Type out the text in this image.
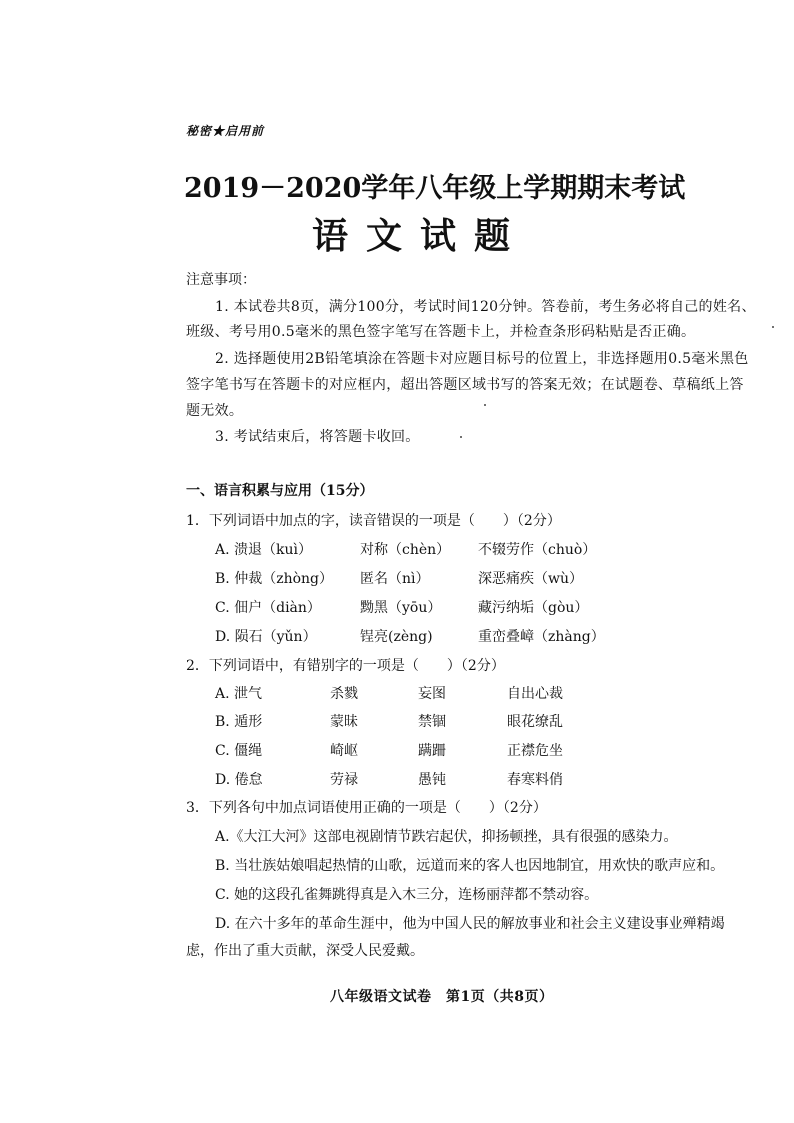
秘密★启用前
2019－2020学年八年级上学期期末考试
语文试题
注意事项：
1. 本试卷共8页，满分100分，考试时间120分钟。答卷前，考生务必将自己的姓名、
班级、考号用0.5毫米的黑色签字笔写在答题卡上，并检查条形码粘贴是否正确。
2. 选择题使用2B铅笔填涂在答题卡对应题目标号的位置上，非选择题用0.5毫米黑色
签字笔书写在答题卡的对应框内，超出答题区域书写的答案无效；在试题卷、草稿纸上答
题无效。
3. 考试结束后，将答题卡收回。
一、语言积累与应用（15分）
1．下列词语中加点的字，读音错误的一项是（　　）（2分）
A. 溃退（kuì）	对称（chèn） 不辍劳作（chuò）
B. 仲裁（zhòng） 匿名（nì）	深恶痛疾（wù）
C. 佃户（diàn）	黝黑（yōu）	藏污纳垢（gòu）
D. 陨石（yǔn）	锃亮(zèng)	重峦叠嶂（zhàng）
2．下列词语中，有错别字的一项是（　　）（2分）
A. 泄气	杀戮	妄图	自出心裁
B. 遁形	蒙昧	禁锢	眼花缭乱
C. 僵绳	崎岖	蹒跚	正襟危坐
D. 倦怠	劳禄	愚钝	春寒料俏
3．下列各句中加点词语使用正确的一项是（　　）（2分）
A.《大江大河》这部电视剧情节跌宕起伏，抑扬顿挫，具有很强的感染力。
B. 当壮族姑娘唱起热情的山歌，远道而来的客人也因地制宜，用欢快的歌声应和。
C. 她的这段孔雀舞跳得真是入木三分，连杨丽萍都不禁动容。
D. 在六十多年的革命生涯中，他为中国人民的解放事业和社会主义建设事业殚精竭
虑，作出了重大贡献，深受人民爱戴。
八年级语文试卷　第1页（共8页）
